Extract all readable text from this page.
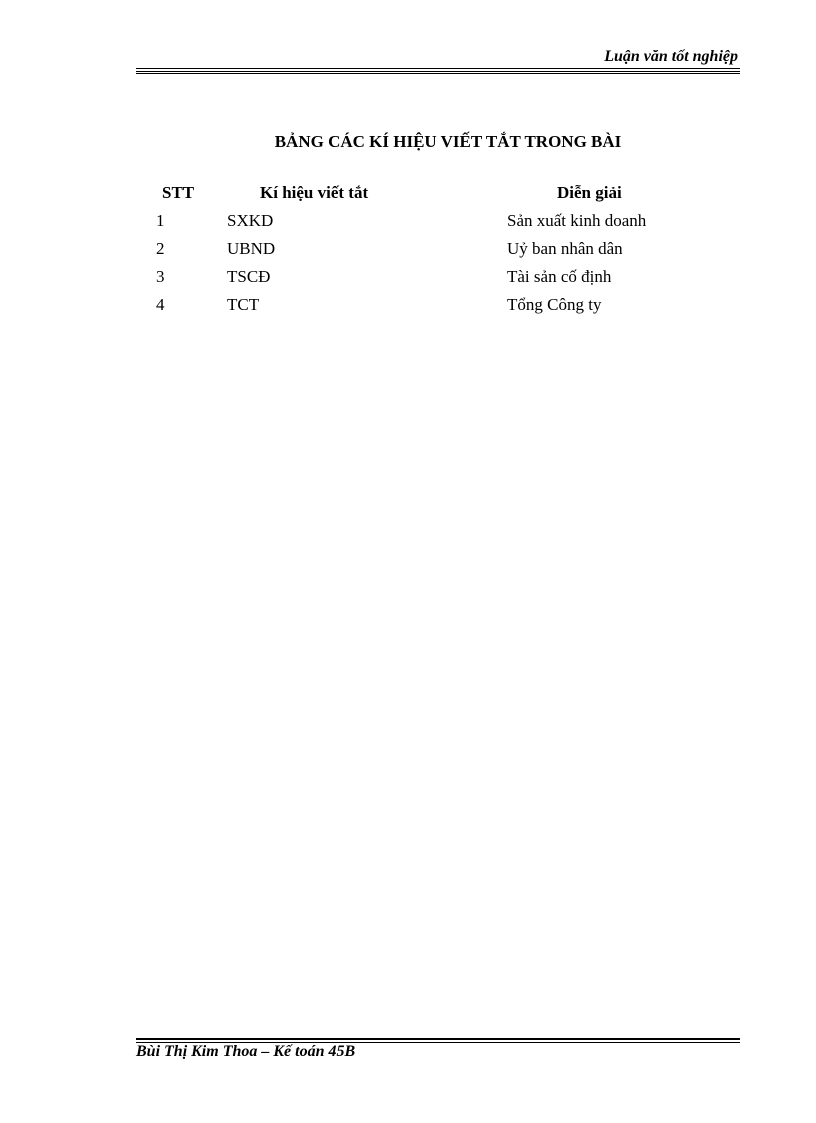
Luận văn tốt nghiệp
BẢNG CÁC KÍ HIỆU VIẾT TẮT TRONG BÀI
STT	Kí hiệu viết tắt	Diễn giải
1	SXKD	Sản xuất kinh doanh
2	UBND	Uỷ ban nhân dân
3	TSCĐ	Tài sản cố định
4	TCT	Tổng Công ty
Bùi Thị Kim Thoa – Kế toán 45B
